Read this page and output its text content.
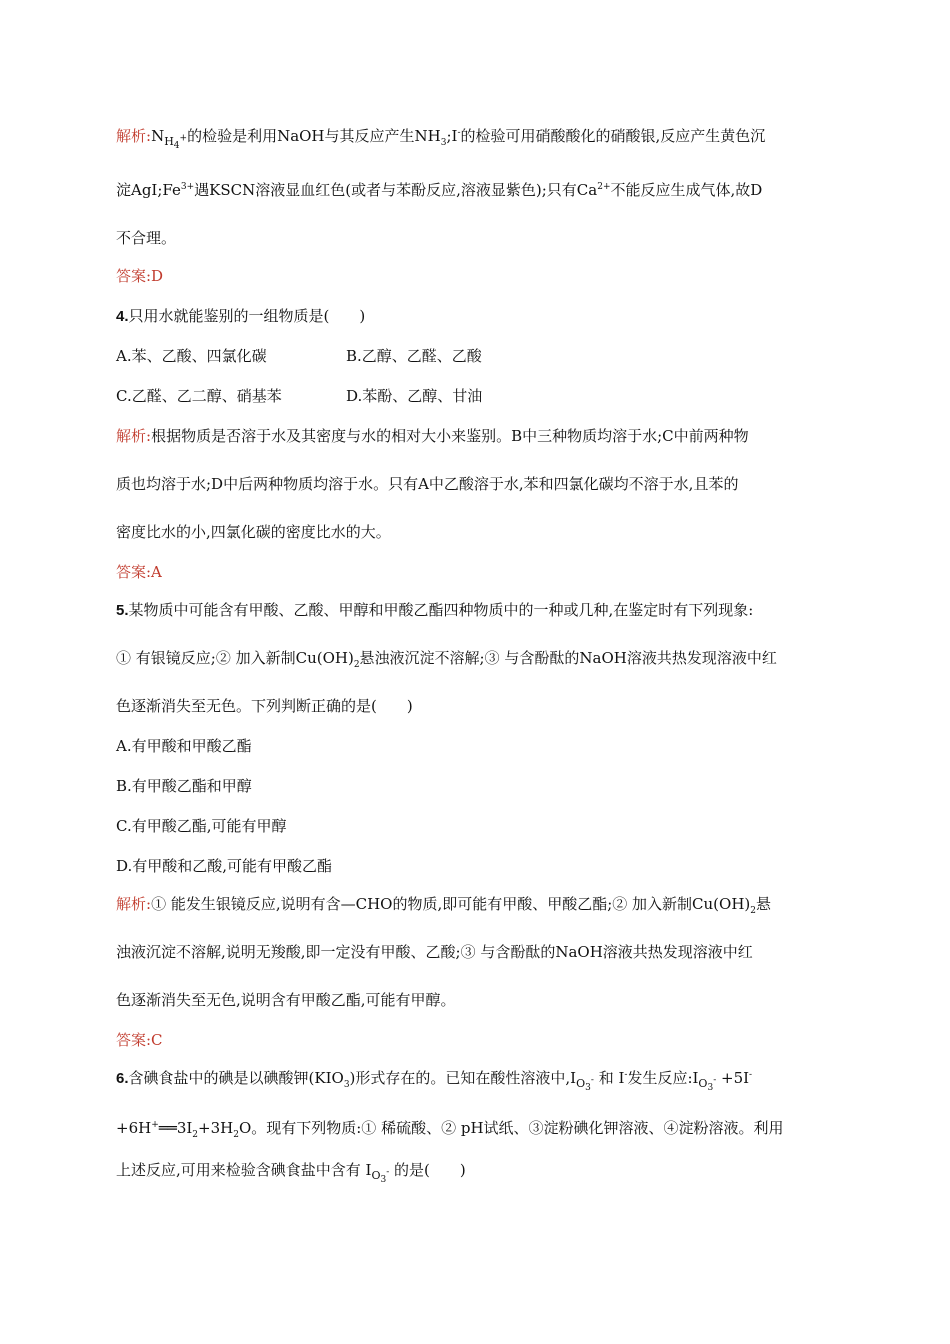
解析$:NH_4^+$的检验是利用NaOH与其反应产生$NH_3;I^-$的检验可用硝酸酸化的硝酸银,反应产生黄色沉
淀$AgI;Fe^{3+}$遇KSCN溶液显血红色(或者与苯酚反应,溶液显紫色);只有$Ca^{2+}$不能反应生成气体,故D
不合理。
答案:D
4.只用水就能鉴别的一组物质是(　　)
A.苯、乙酸、四氯化碳	B.乙醇、乙醛、乙酸
C.乙醛、乙二醇、硝基苯	D.苯酚、乙醇、甘油
解析:根据物质是否溶于水及其密度与水的相对大小来鉴别。B中三种物质均溶于水;C中前两种物
质也均溶于水;D中后两种物质均溶于水。只有A中乙酸溶于水,苯和四氯化碳均不溶于水,且苯的
密度比水的小,四氯化碳的密度比水的大。
答案:A
5.某物质中可能含有甲酸、乙酸、甲醇和甲酸乙酯四种物质中的一种或几种,在鉴定时有下列现象:
① 有银镜反应;② 加入新制$Cu(OH)_2$悬浊液沉淀不溶解;③ 与含酚酞的NaOH溶液共热发现溶液中红
色逐渐消失至无色。下列判断正确的是(　　)
A.有甲酸和甲酸乙酯
B.有甲酸乙酯和甲醇
C.有甲酸乙酯,可能有甲醇
D.有甲酸和乙酸,可能有甲酸乙酯
解析:① 能发生银镜反应,说明有含—CHO的物质,即可能有甲酸、甲酸乙酯;② 加入新制$Cu(OH)_2$悬
浊液沉淀不溶解,说明无羧酸,即一定没有甲酸、乙酸;③ 与含酚酞的NaOH溶液共热发现溶液中红
色逐渐消失至无色,说明含有甲酸乙酯,可能有甲醇。
答案:C
6.含碘食盐中的碘是以碘酸钾$(KIO_3)$形式存在的。已知在酸性溶液中$,IO_3^-$ 和 I-发生反应$:IO_3^- +5I^-$
$+6H^+══3I_2+3H_2O$。现有下列物质:① 稀硫酸、② pH试纸、③淀粉碘化钾溶液、④淀粉溶液。利用
上述反应,可用来检验含碘食盐中含有 $IO_3^-$ 的是(　　)
